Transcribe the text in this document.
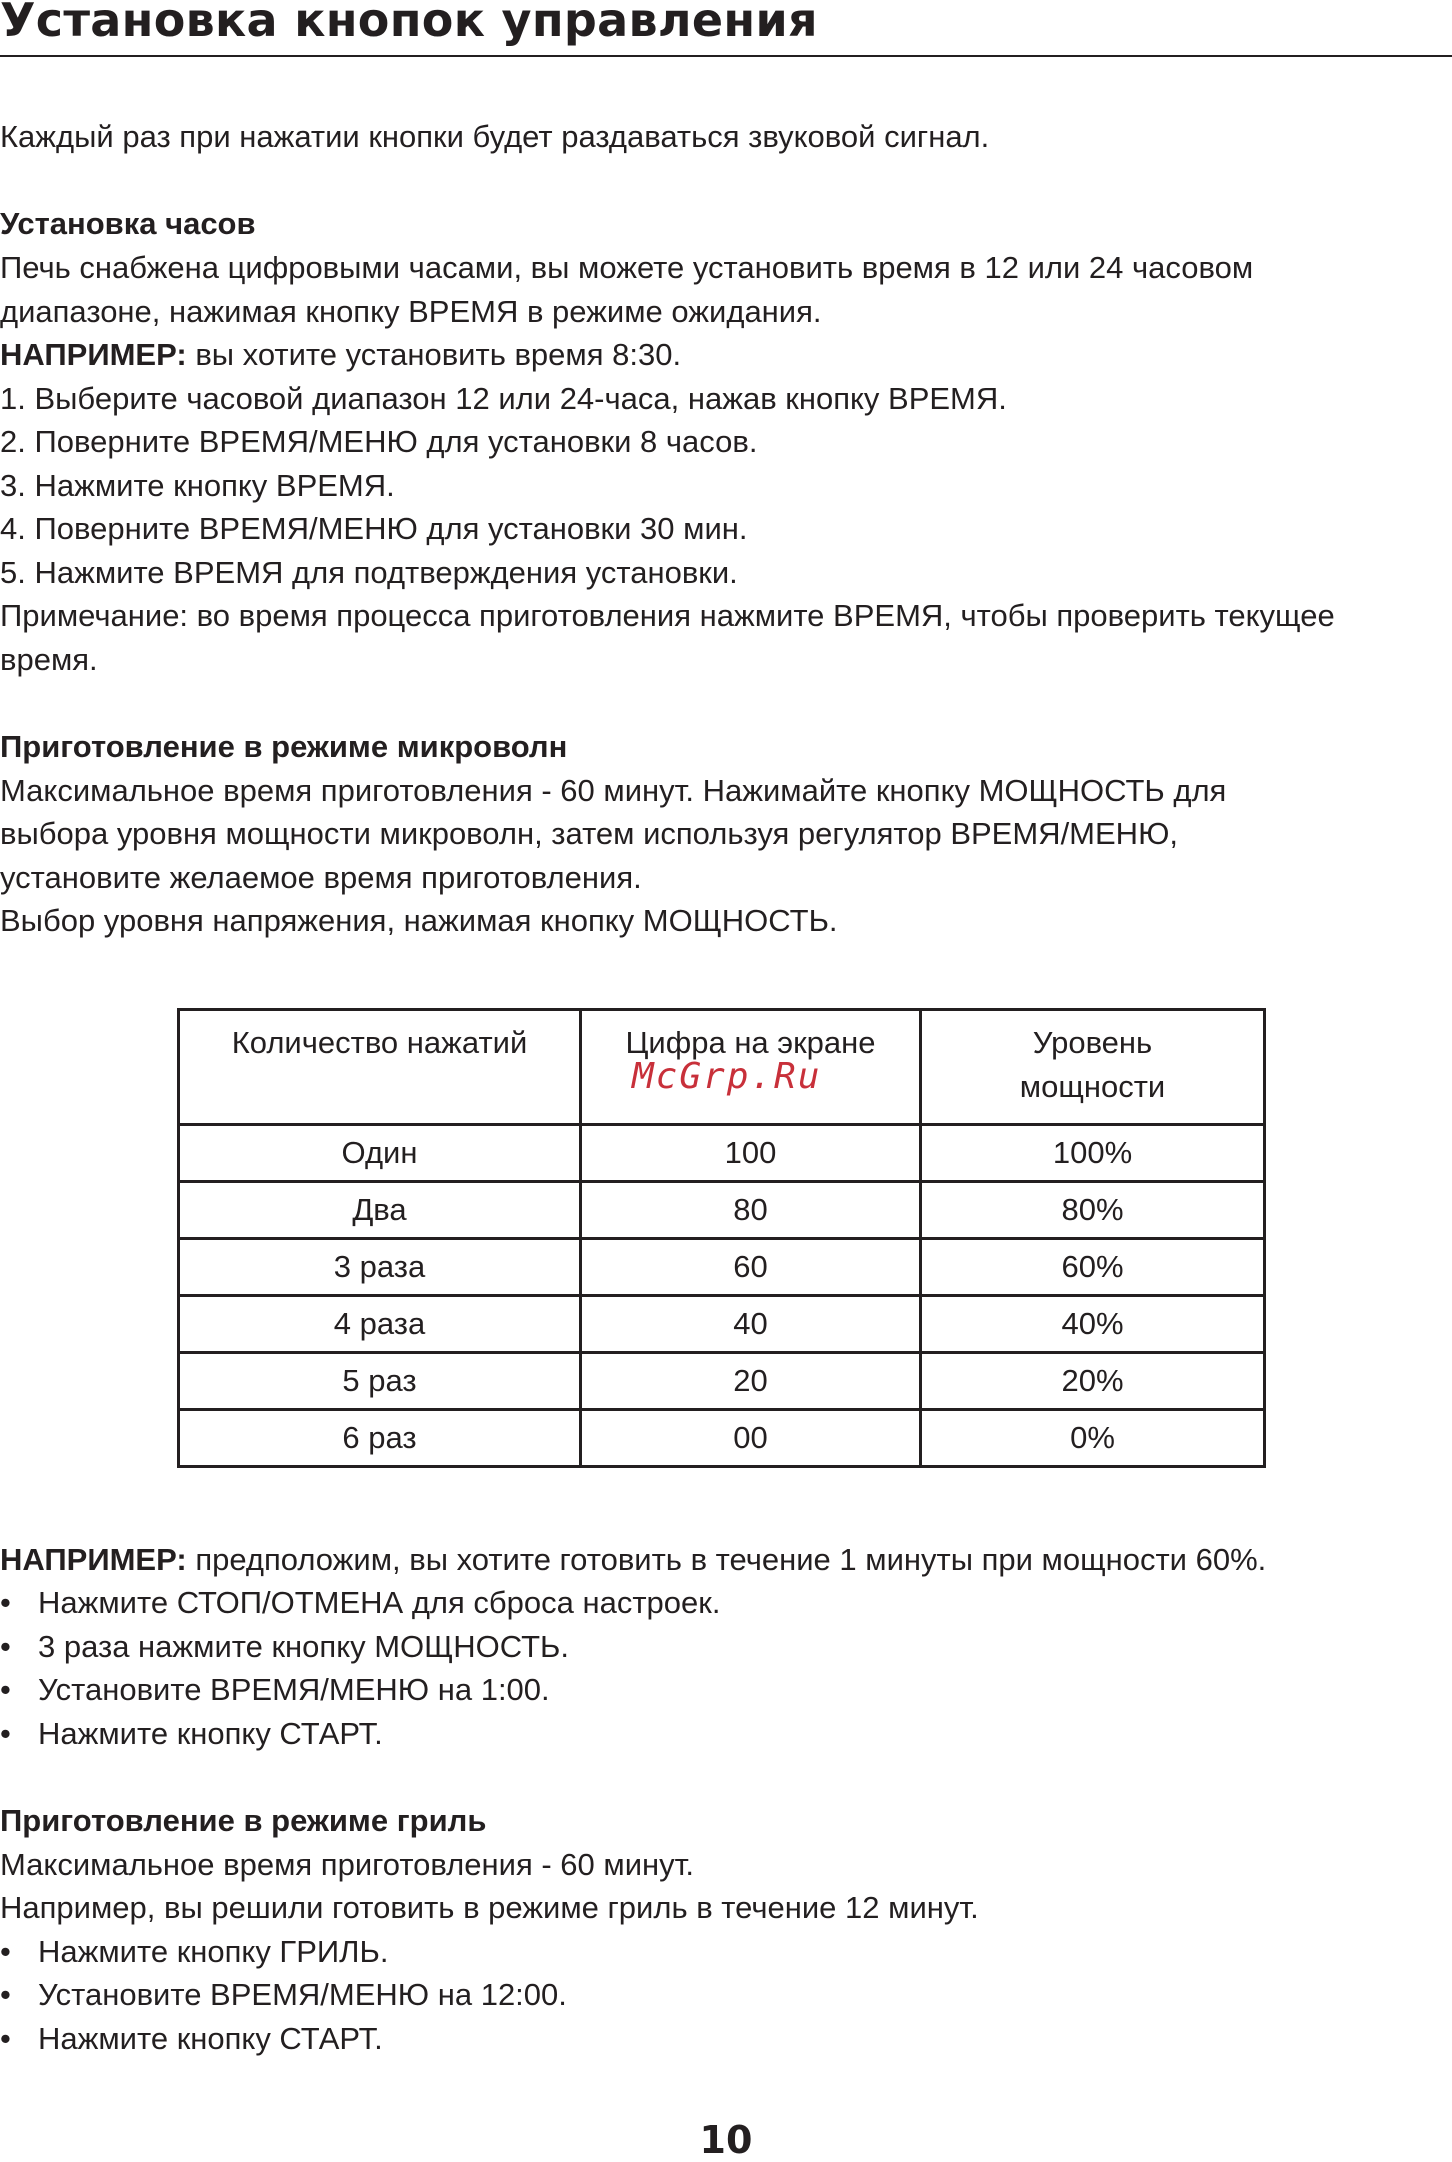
Установка кнопок управления

Каждый раз при нажатии кнопки будет раздаваться звуковой сигнал.

Установка часов

Печь снабжена цифровыми часами, вы можете установить время в 12 или 24 часовом

диапазоне, нажимая кнопку ВРЕМЯ в режиме ожидания.

НАПРИМЕР: вы хотите установить время 8:30.

1. Выберите часовой диапазон 12 или 24-часа, нажав кнопку ВРЕМЯ.

2. Поверните ВРЕМЯ/МЕНЮ для установки 8 часов.

3. Нажмите кнопку ВРЕМЯ.

4. Поверните ВРЕМЯ/МЕНЮ для установки 30 мин.

5. Нажмите ВРЕМЯ для подтверждения установки.

Примечание: во время процесса приготовления нажмите ВРЕМЯ, чтобы проверить текущее

время.

Приготовление в режиме микроволн

Максимальное время приготовления - 60 минут. Нажимайте кнопку МОЩНОСТЬ для

выбора уровня мощности микроволн, затем используя регулятор ВРЕМЯ/МЕНЮ,

установите желаемое время приготовления.

Выбор уровня напряжения, нажимая кнопку МОЩНОСТЬ.

Количество нажатий	Цифра на экране	Уровень
мощности
Один	100	100%
Два	80	80%
3 раза	60	60%
4 раза	40	40%
5 раз	20	20%
6 раз	00	0%
McGrp.Ru

НАПРИМЕР: предположим, вы хотите готовить в течение 1 минуты при мощности 60%.

• Нажмите СТОП/ОТМЕНА для сброса настроек.

• 3 раза нажмите кнопку МОЩНОСТЬ.

• Установите ВРЕМЯ/МЕНЮ на 1:00.

• Нажмите кнопку СТАРТ.

Приготовление в режиме гриль

Максимальное время приготовления - 60 минут.

Например, вы решили готовить в режиме гриль в течение 12 минут.

• Нажмите кнопку ГРИЛЬ.

• Установите ВРЕМЯ/МЕНЮ на 12:00.

• Нажмите кнопку СТАРТ.

10
